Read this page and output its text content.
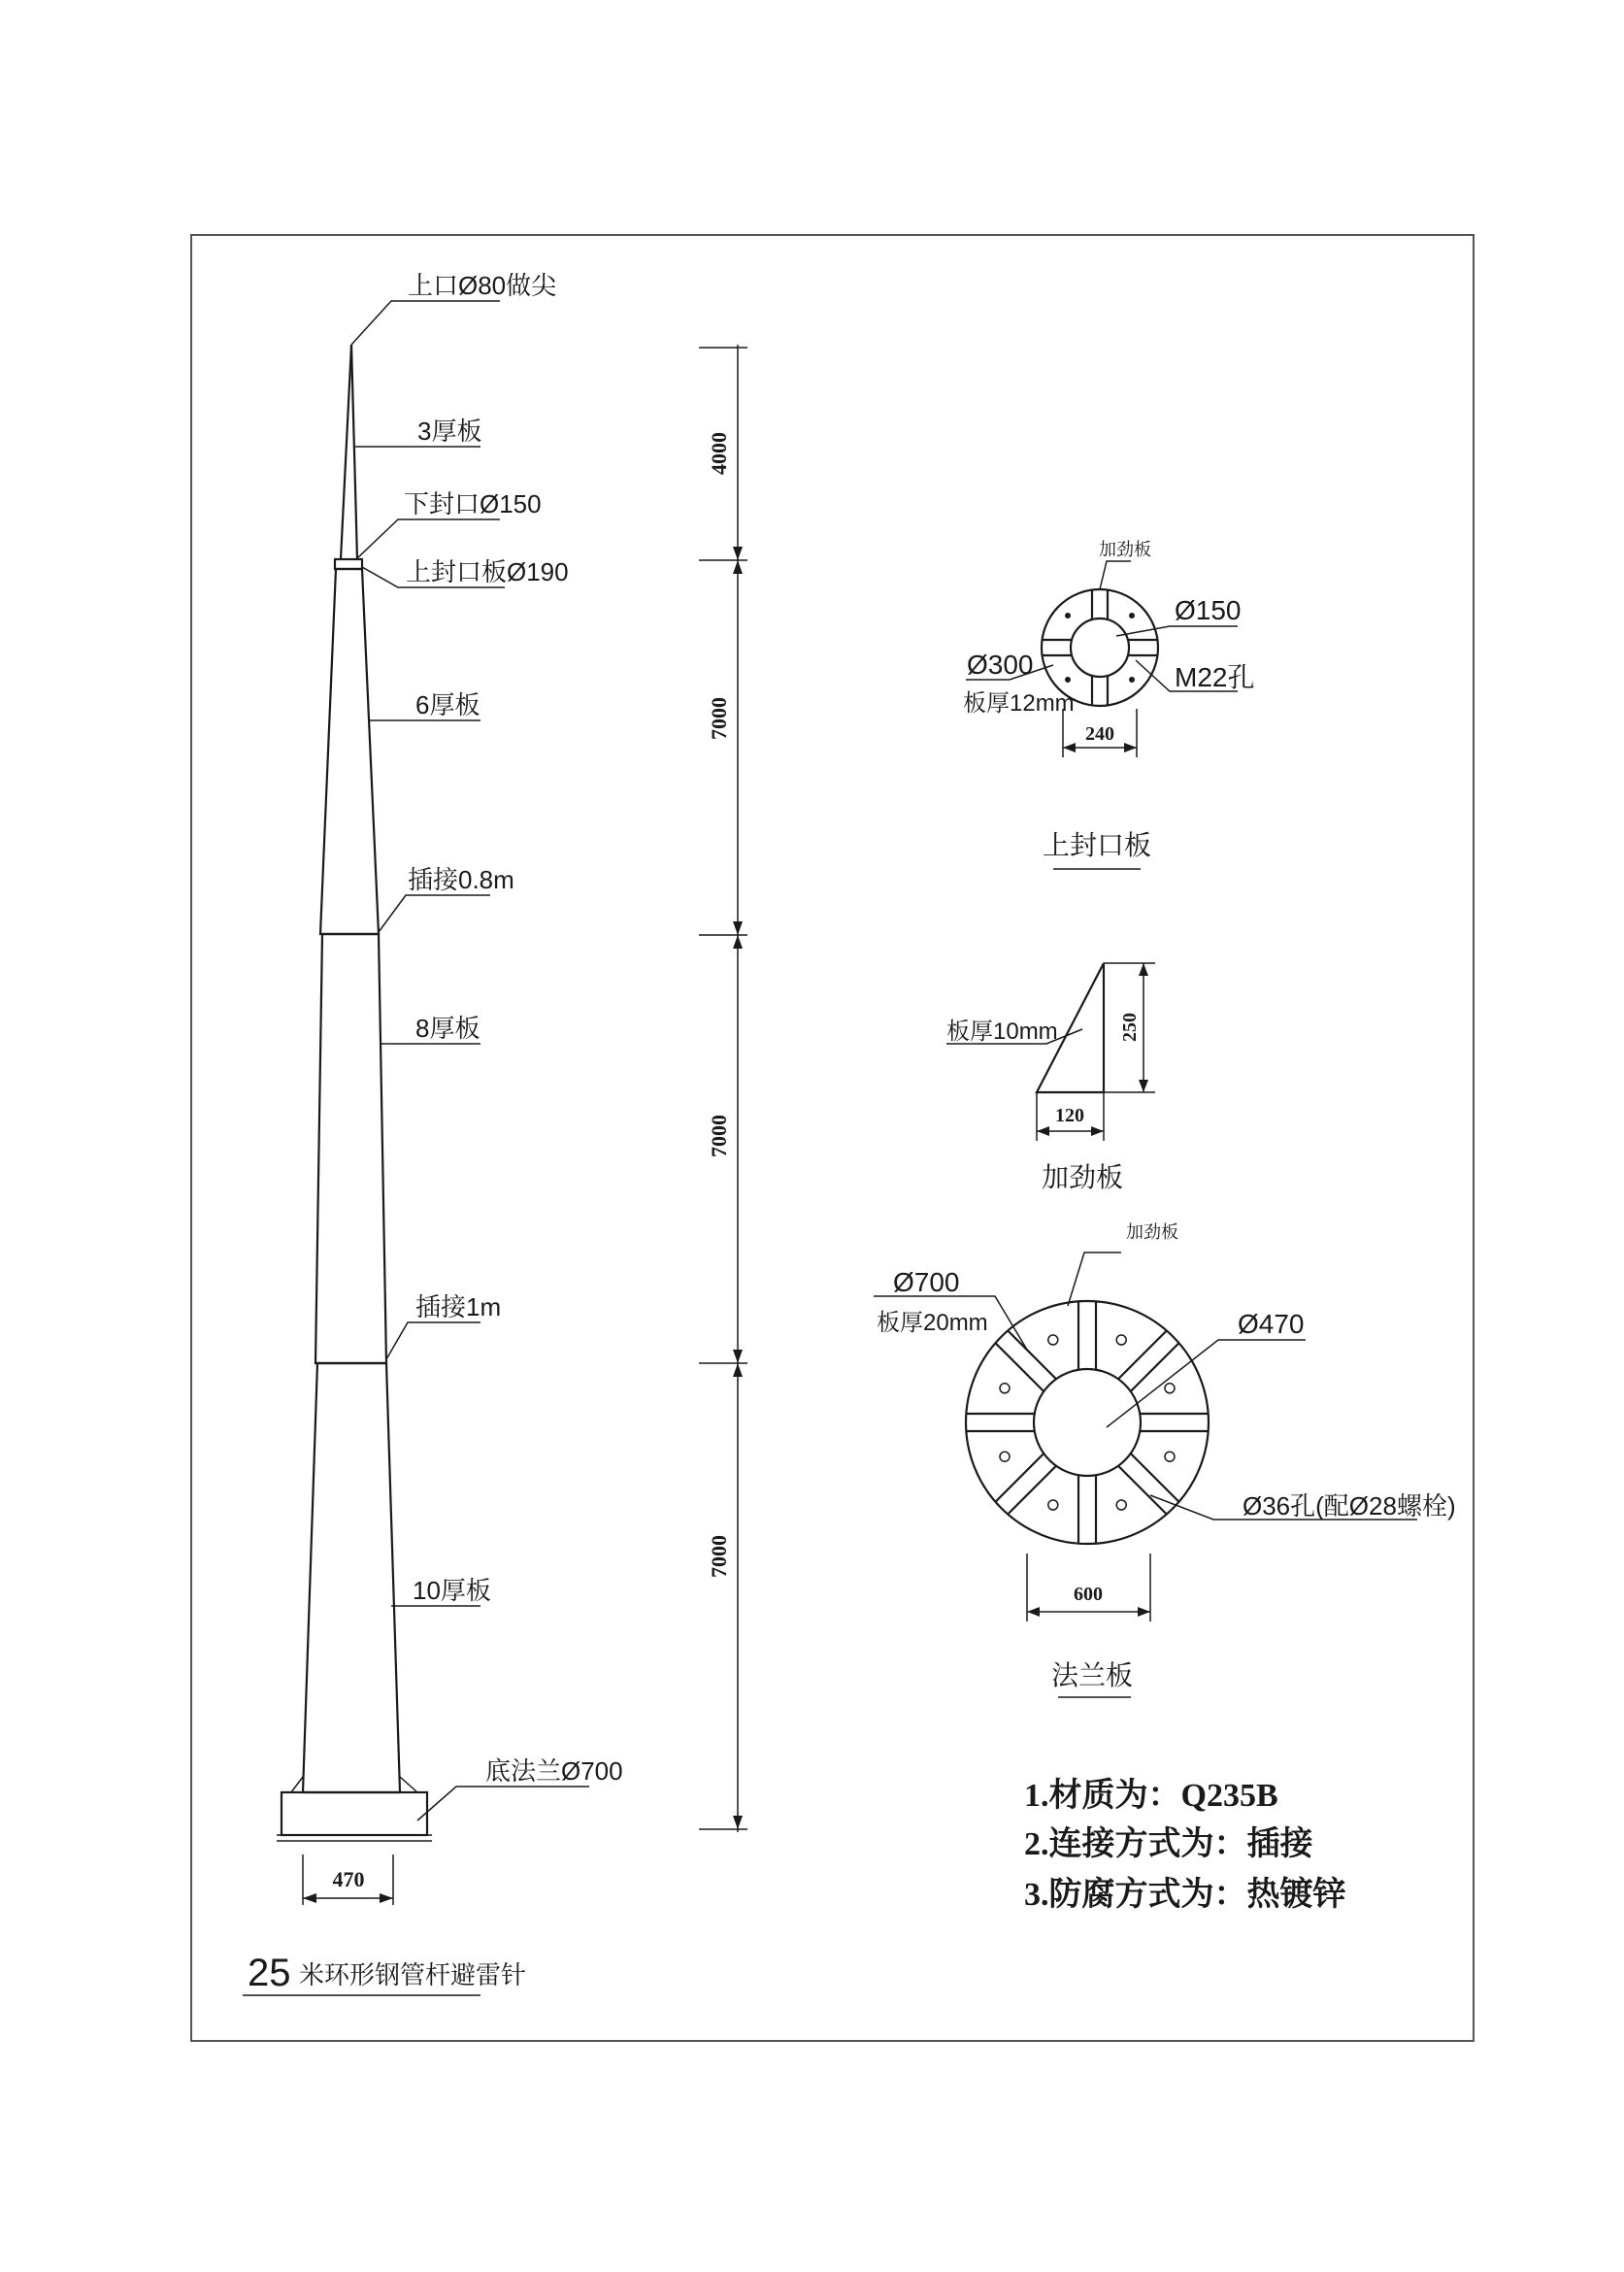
上口Ø80做尖
3厚板
下封口Ø150
上封口板Ø190
6厚板
插接0.8m
8厚板
插接1m
10厚板
底法兰Ø700
470
25 米环形钢管杆避雷针
4000
7000
7000
7000
加劲板
Ø150
M22孔
Ø300
板厚12mm
240
上封口板
板厚10mm	250
120
加劲板
加劲板
Ø700
板厚20mm	Ø470
Ø36孔(配Ø28螺栓)
600
法兰板
1.材质为：Q235B
2.连接方式为：插接
3.防腐方式为：热镀锌
